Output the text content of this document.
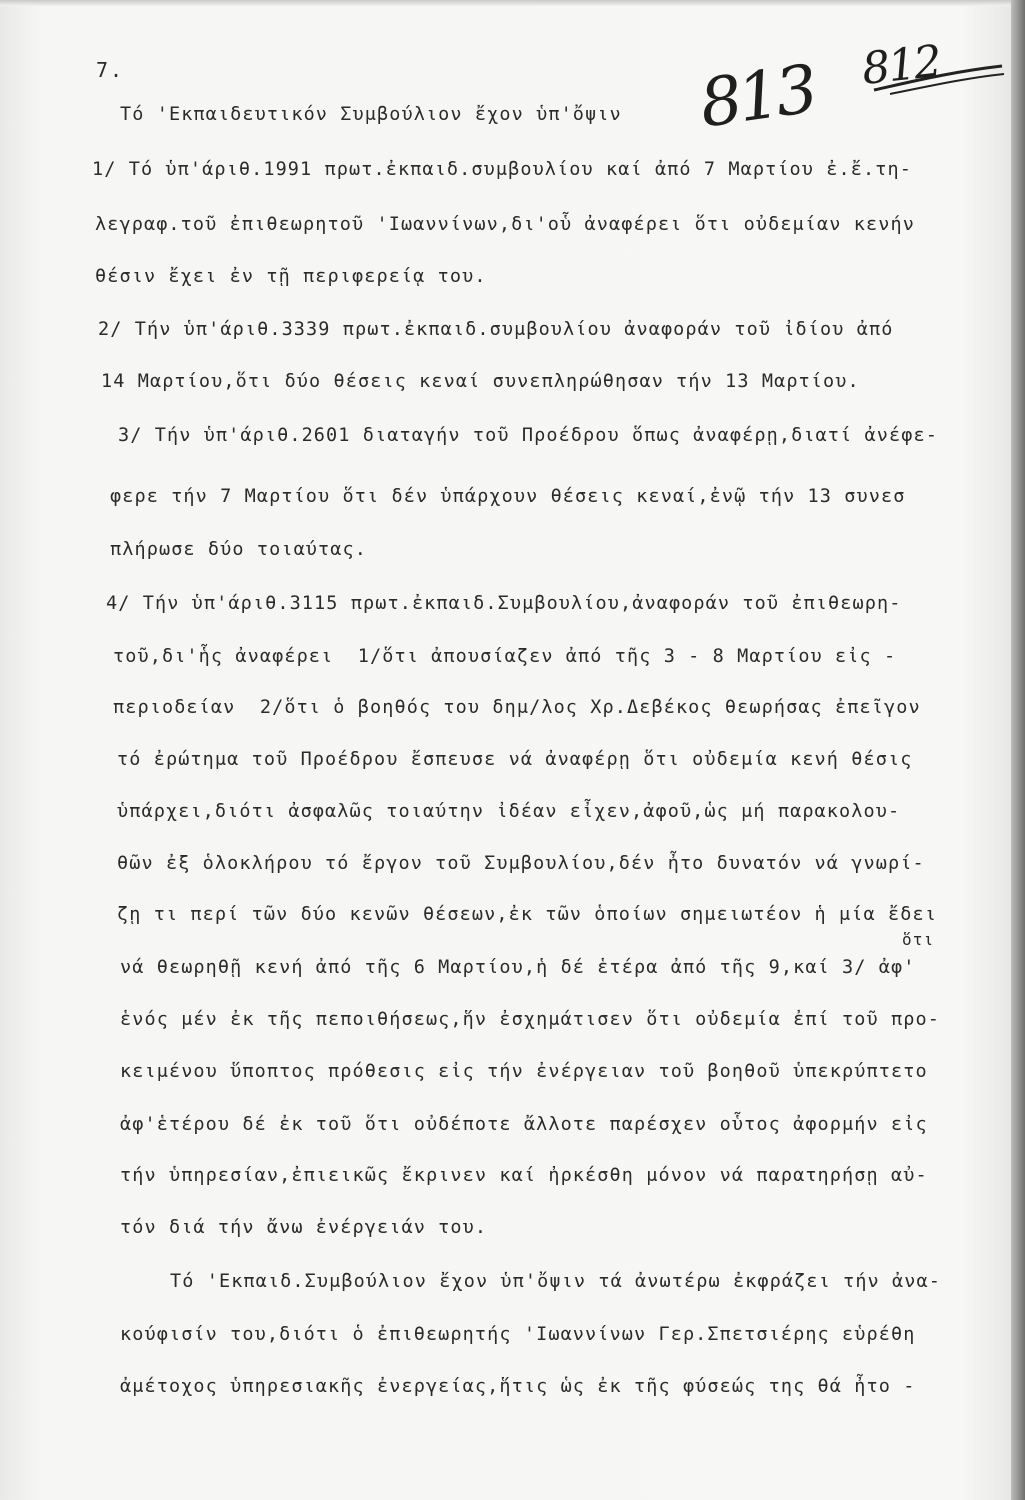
7.	813 812
Τό 'Εκπαιδευτικόν Συμβούλιον ἔχον ὑπ'ὄψιν
1/ Τό ὑπ'άριθ.1991 πρωτ.ἐκπαιδ.συμβουλίου καί ἀπό 7 Μαρτίου ἐ.ἔ.τη-
λεγραφ.τοῦ ἐπιθεωρητοῦ 'Ιωαννίνων,δι'οὗ ἀναφέρει ὅτι οὐδεμίαν κενήν
θέσιν ἔχει ἐν τῇ περιφερείᾳ του.
2/ Τήν ὑπ'άριθ.3339 πρωτ.ἐκπαιδ.συμβουλίου ἀναφοράν τοῦ ἰδίου ἀπό
14 Μαρτίου,ὅτι δύο θέσεις κεναί συνεπληρώθησαν τήν 13 Μαρτίου.
3/ Τήν ὑπ'άριθ.2601 διαταγήν τοῦ Προέδρου ὅπως ἀναφέρῃ,διατί ἀνέφε-
φερε τήν 7 Μαρτίου ὅτι δέν ὑπάρχουν θέσεις κεναί,ἐνῷ τήν 13 συνεσ
πλήρωσε δύο τοιαύτας.
4/ Τήν ὑπ'άριθ.3115 πρωτ.ἐκπαιδ.Συμβουλίου,ἀναφοράν τοῦ ἐπιθεωρη-
τοῦ,δι'ἧς ἀναφέρει  1/ὅτι ἀπουσίαζεν ἀπό τῆς 3 - 8 Μαρτίου εἰς -
περιοδείαν  2/ὅτι ὁ βοηθός του δημ/λος Χρ.Δεβέκος θεωρήσας ἐπεῖγον
τό ἐρώτημα τοῦ Προέδρου ἔσπευσε νά ἀναφέρῃ ὅτι οὐδεμία κενή θέσις
ὑπάρχει,διότι ἀσφαλῶς τοιαύτην ἰδέαν εἶχεν,ἀφοῦ,ὡς μή παρακολου-
θῶν ἐξ ὁλοκλήρου τό ἔργον τοῦ Συμβουλίου,δέν ἦτο δυνατόν νά γνωρί-
ζῃ τι περί τῶν δύο κενῶν θέσεων,ἐκ τῶν ὁποίων σημειωτέον ἡ μία ἔδει
ὅτι
νά θεωρηθῇ κενή ἀπό τῆς 6 Μαρτίου,ἡ δέ ἑτέρα ἀπό τῆς 9,καί 3/ ἀφ'
ἑνός μέν ἐκ τῆς πεποιθήσεως,ἥν ἐσχημάτισεν ὅτι οὐδεμία ἐπί τοῦ προ-
κειμένου ὕποπτος πρόθεσις εἰς τήν ἐνέργειαν τοῦ βοηθοῦ ὑπεκρύπτετο
ἀφ'ἑτέρου δέ ἐκ τοῦ ὅτι οὐδέποτε ἄλλοτε παρέσχεν οὗτος ἀφορμήν εἰς
τήν ὑπηρεσίαν,ἐπιεικῶς ἔκρινεν καί ἠρκέσθη μόνον νά παρατηρήσῃ αὐ-
τόν διά τήν ἄνω ἐνέργειάν του.
Τό 'Εκπαιδ.Συμβούλιον ἔχον ὑπ'ὄψιν τά ἀνωτέρω ἐκφράζει τήν ἀνα-
κούφισίν του,διότι ὁ ἐπιθεωρητής 'Ιωαννίνων Γερ.Σπετσιέρης εὑρέθη
ἀμέτοχος ὑπηρεσιακῆς ἐνεργείας,ἥτις ὡς ἐκ τῆς φύσεώς της θά ἦτο -
